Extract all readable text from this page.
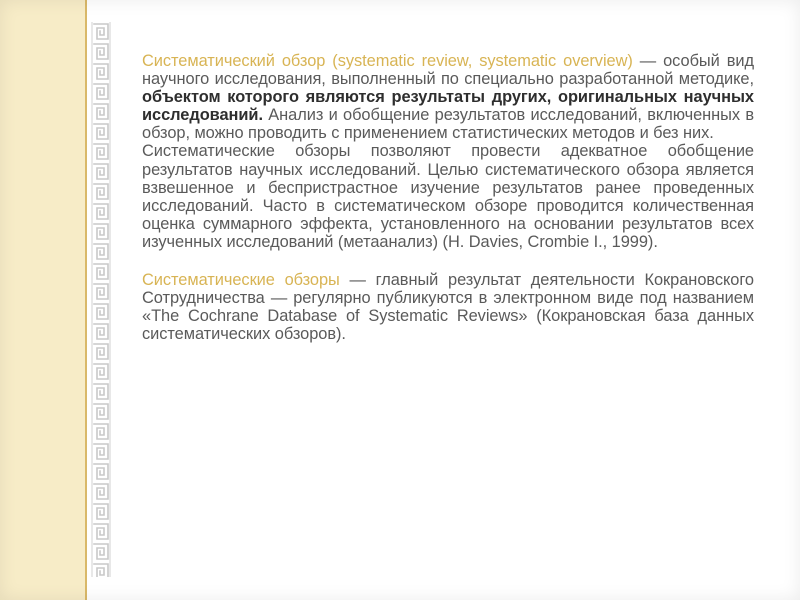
Систематический обзор (systematic review, systematic overview) — особый вид научного исследования, выполненный по специально разработанной методике, объектом которого являются результаты других, оригинальных научных исследований. Анализ и обобщение результатов исследований, включенных в обзор, можно проводить с применением статистических методов и без них.

Систематические обзоры позволяют провести адекватное обобщение результатов научных исследований. Целью систематического обзора является взвешенное и беспристрастное изучение результатов ранее проведенных исследований. Часто в систематическом обзоре проводится количественная оценка суммарного эффекта, установленного на основании результатов всех изученных исследований (метаанализ) (H. Davies, Crombie I., 1999).

Систематические обзоры — главный результат деятельности Кокрановского Сотрудничества — регулярно публикуются в электронном виде под названием «The Cochrane Database of Systematic Reviews» (Кокрановская база данных систематических обзоров).
